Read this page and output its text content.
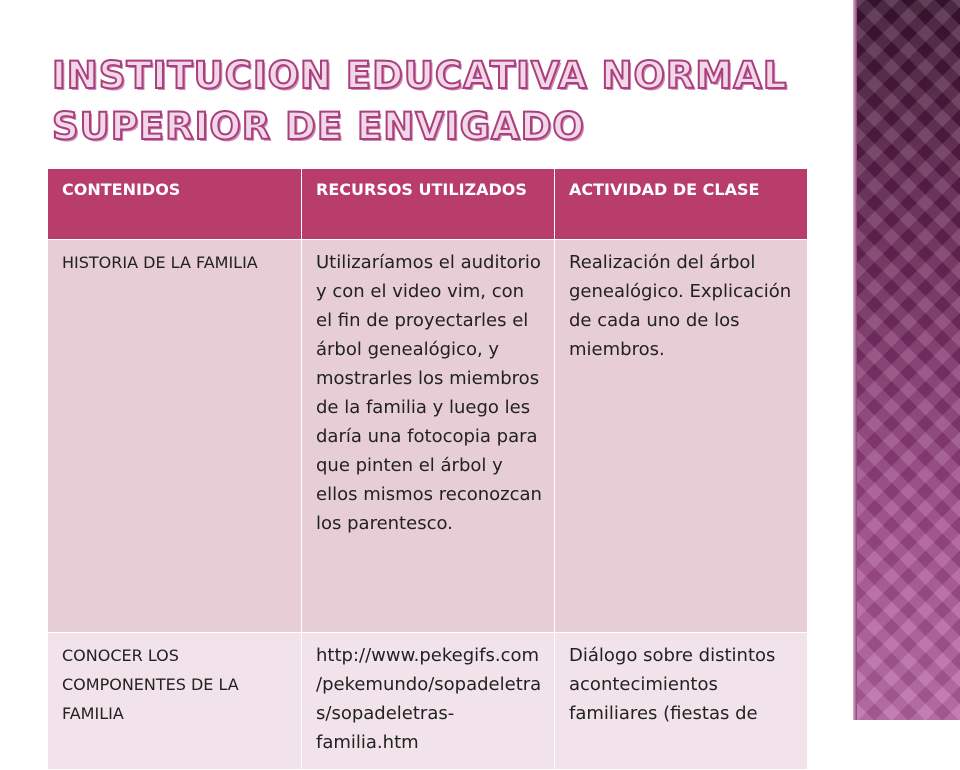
INSTITUCION EDUCATIVA NORMAL
SUPERIOR DE ENVIGADO
CONTENIDOS	RECURSOS UTILIZADOS	ACTIVIDAD DE CLASE
HISTORIA DE LA FAMILIA	Utilizaríamos el auditorio y con el video vim, con el fin de proyectarles el árbol genealógico, y mostrarles los miembros de la familia y luego les daría una fotocopia para que pinten el árbol y ellos mismos reconozcan los parentesco.	Realización del árbol genealógico. Explicación de cada uno de los miembros.
CONOCER LOS COMPONENTES DE LA FAMILIA	http://www.pekegifs.com/pekemundo/sopadeletras/sopadeletras-familia.htm	Diálogo sobre distintos acontecimientos familiares (fiestas de
